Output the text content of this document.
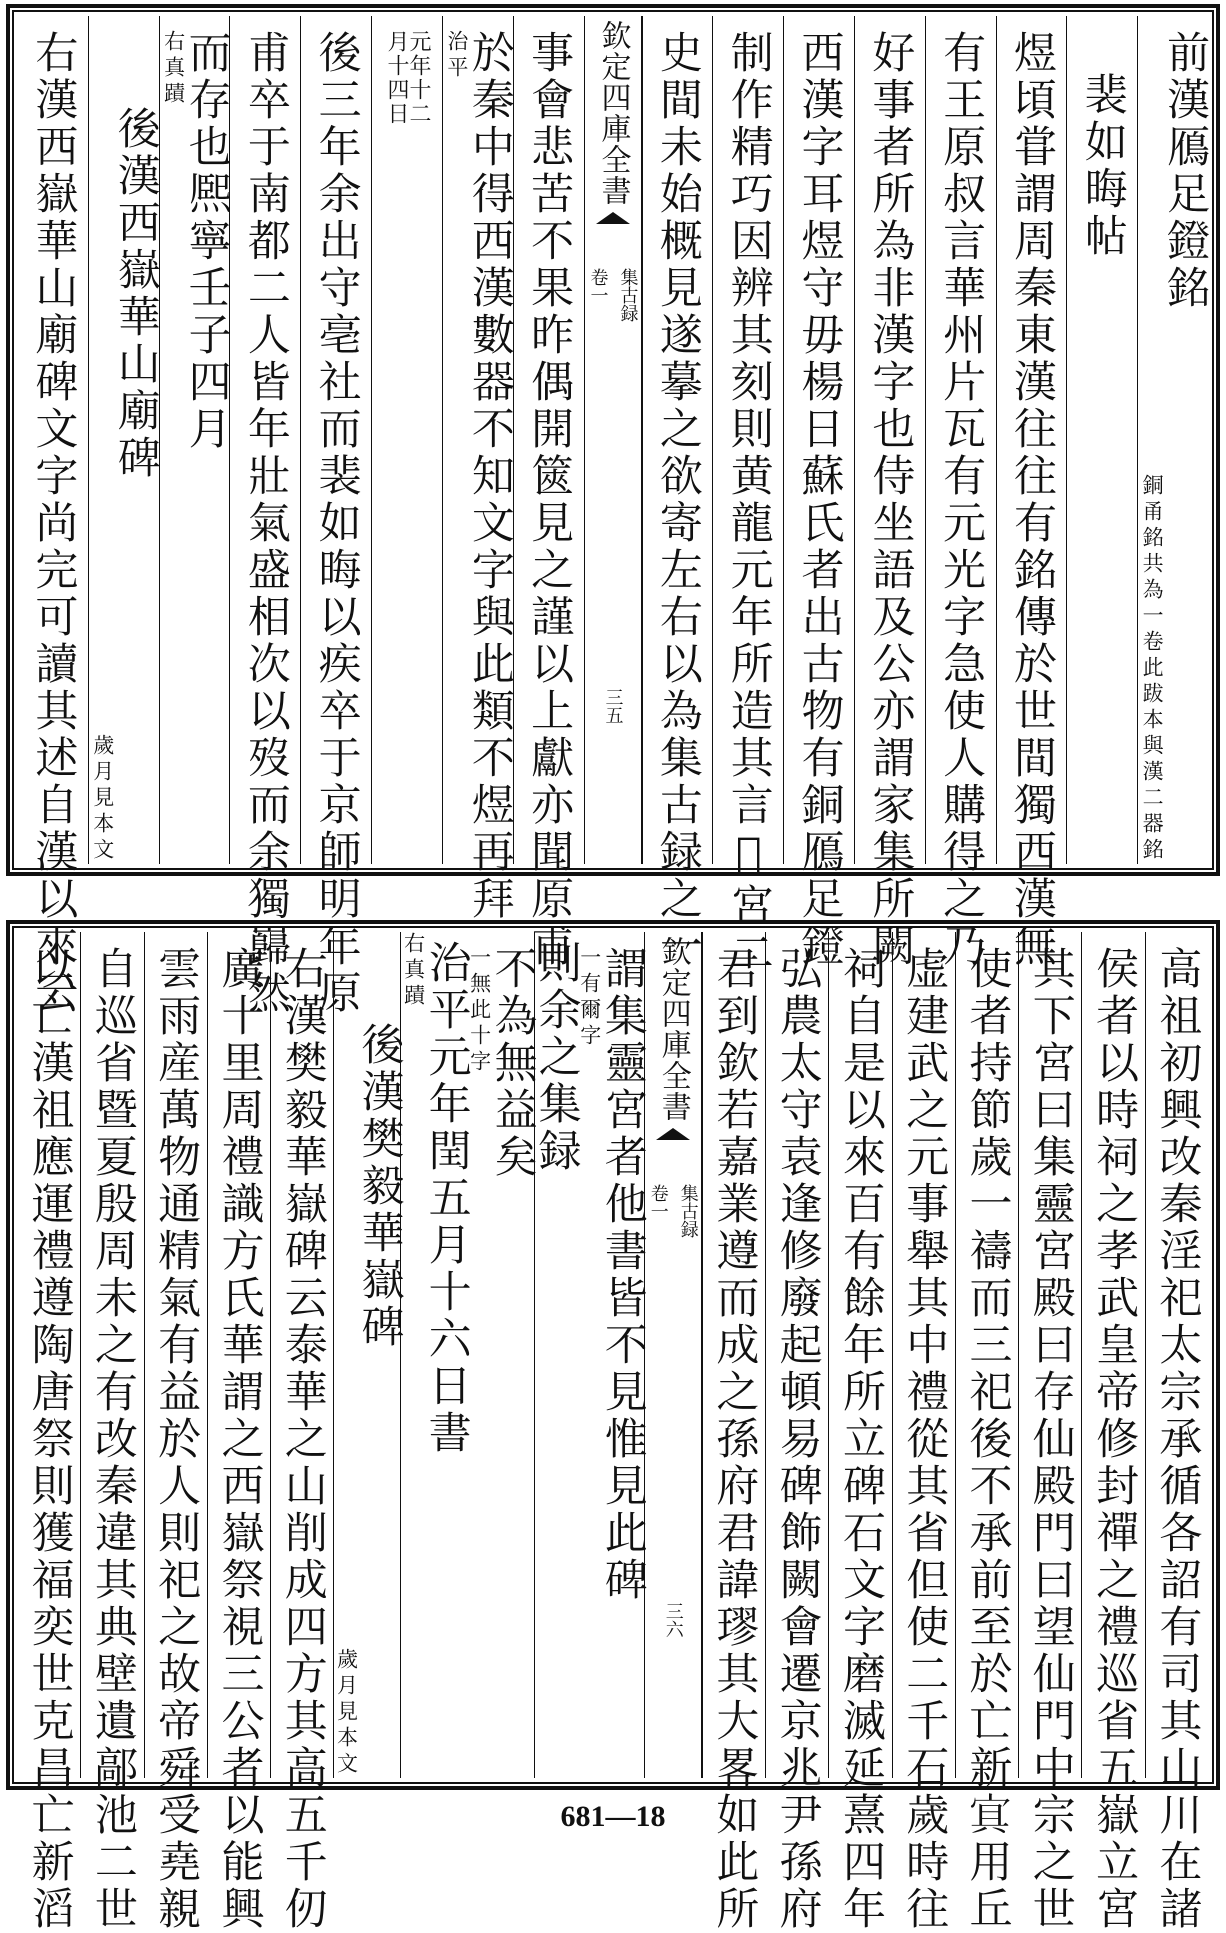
前漢鴈足鐙銘
此跋本與漢二器銘
銅甬銘共為一卷
裴如晦帖
煜頃甞謂周秦東漢往往有銘傳於世間獨西漢無
有王原叔言華州片瓦有元光字急使人購得之乃
好事者所為非漢字也侍坐語及公亦謂家集所闕
西漢字耳煜守毋楊日蘇氏者出古物有銅鴈足鐙
制作精巧因辨其刻則黄龍元年所造其言𦤺宮二
史間未始概見遂摹之欲寄左右以為集古録之一
欽定四庫全書
集古録
卷一
三五
事會悲苦不果昨偶開篋見之謹以上獻亦聞原甫
於秦中得西漢數器不知文字與此類不煜再拜
治平
元年十二
月十四日
後三年余出守亳社而裴如晦以疾卒于京師明年原
甫卒于南都二人皆年壯氣盛相次以歿而余獨巋然
而存也熈寧壬子四月
右真蹟
後漢西嶽華山廟碑
歲月見本文
右漢西嶽華山廟碑文字尚完可讀其述自漢以來云
高祖初興改秦淫祀太宗承循各詔有司其山川在諸
侯者以時祠之孝武皇帝修封禪之禮巡省五嶽立宮
其下宮曰集靈宮殿曰存仙殿門曰望仙門中宗之世
使者持節歲一禱而三祀後不承前至於亡新𡨋用丘
虚建武之元事舉其中禮從其省但使二千石歲時往
祠自是以來百有餘年所立碑石文字磨滅延熹四年
弘農太守袁逢修廢起頓易碑飾闕會遷京兆尹孫府
君到欽若嘉業遵而成之孫府君諱璆其大畧如此所
欽定四庫全書
集古録
卷一
三六
謂集靈宮者他書皆不見惟見此碑
一有爾字
則余之集録
不為無益矣
一無此十字
治平元年閏五月十六日書
右真蹟
後漢樊毅華嶽碑
歲月見本文
右漢樊毅華嶽碑云泰華之山削成四方其高五千仞
廣十里周禮識方氏華謂之西嶽祭視三公者以能興
雲雨産萬物通精氣有益於人則祀之故帝舜受堯親
自巡省暨夏殷周未之有改秦違其典壁遺鄗池二世
以亡漢祖應運禮遵陶唐祭則獲福奕世克昌亡新滔	681—18
